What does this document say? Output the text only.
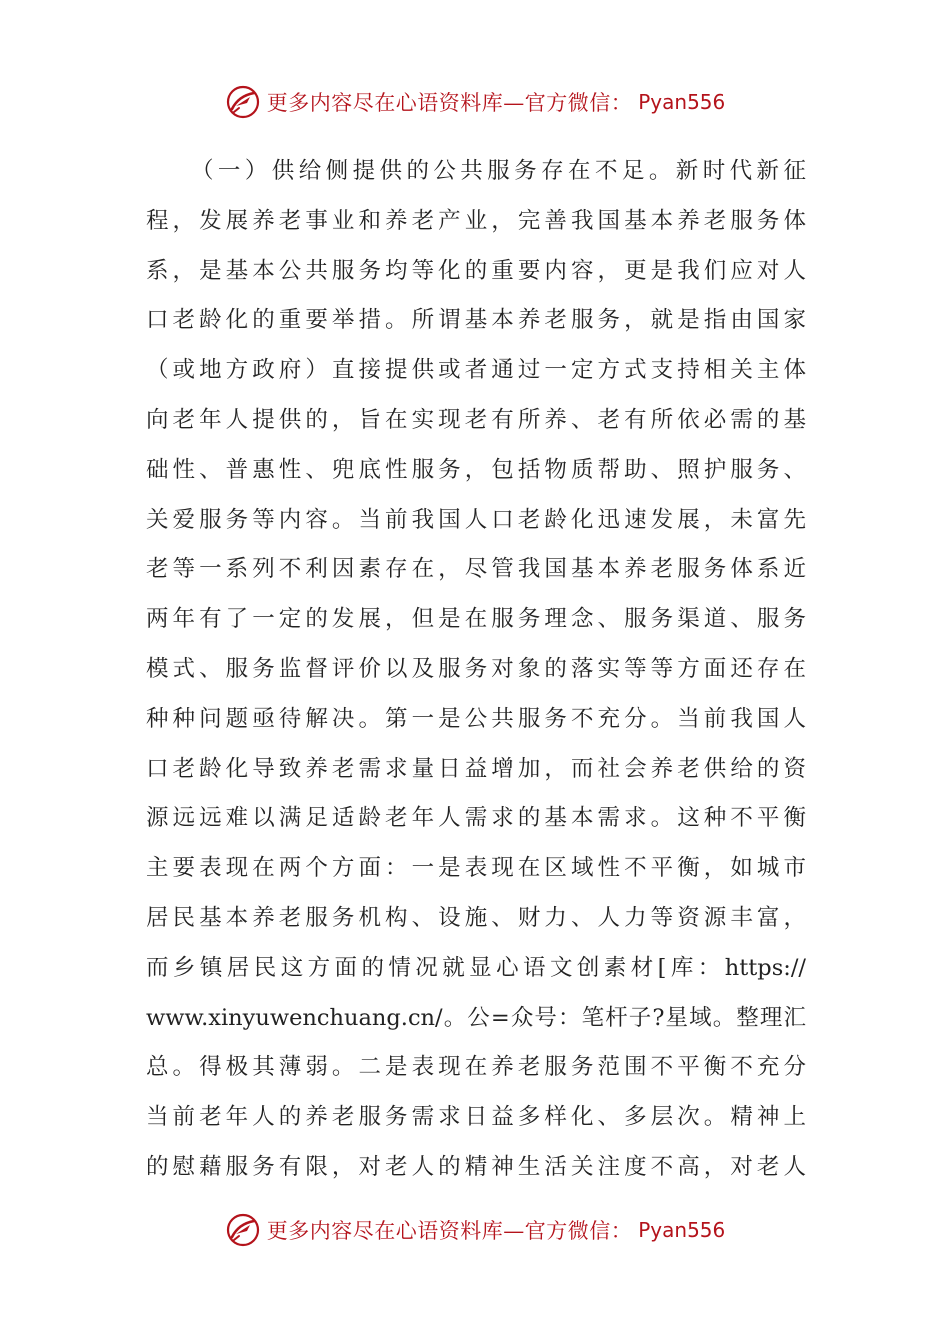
更多内容尽在心语资料库—官方微信： Pyan556
（一）供给侧提供的公共服务存在不足。新时代新征
程，发展养老事业和养老产业，完善我国基本养老服务体
系，是基本公共服务均等化的重要内容，更是我们应对人
口老龄化的重要举措。所谓基本养老服务，就是指由国家
（或地方政府）直接提供或者通过一定方式支持相关主体
向老年人提供的，旨在实现老有所养、老有所依必需的基
础性、普惠性、兜底性服务，包括物质帮助、照护服务、
关爱服务等内容。当前我国人口老龄化迅速发展，未富先
老等一系列不利因素存在，尽管我国基本养老服务体系近
两年有了一定的发展，但是在服务理念、服务渠道、服务
模式、服务监督评价以及服务对象的落实等等方面还存在
种种问题亟待解决。第一是公共服务不充分。当前我国人
口老龄化导致养老需求量日益增加，而社会养老供给的资
源远远难以满足适龄老年人需求的基本需求。这种不平衡
主要表现在两个方面：一是表现在区域性不平衡，如城市
居民基本养老服务机构、设施、财力、人力等资源丰富，
而乡镇居民这方面的情况就显心语文创素材[库：https://
www.xinyuwenchuang.cn/。公=众号：笔杆子?星域。整理汇
总。得极其薄弱。二是表现在养老服务范围不平衡不充分
当前老年人的养老服务需求日益多样化、多层次。精神上
的慰藉服务有限，对老人的精神生活关注度不高，对老人
更多内容尽在心语资料库—官方微信： Pyan556
